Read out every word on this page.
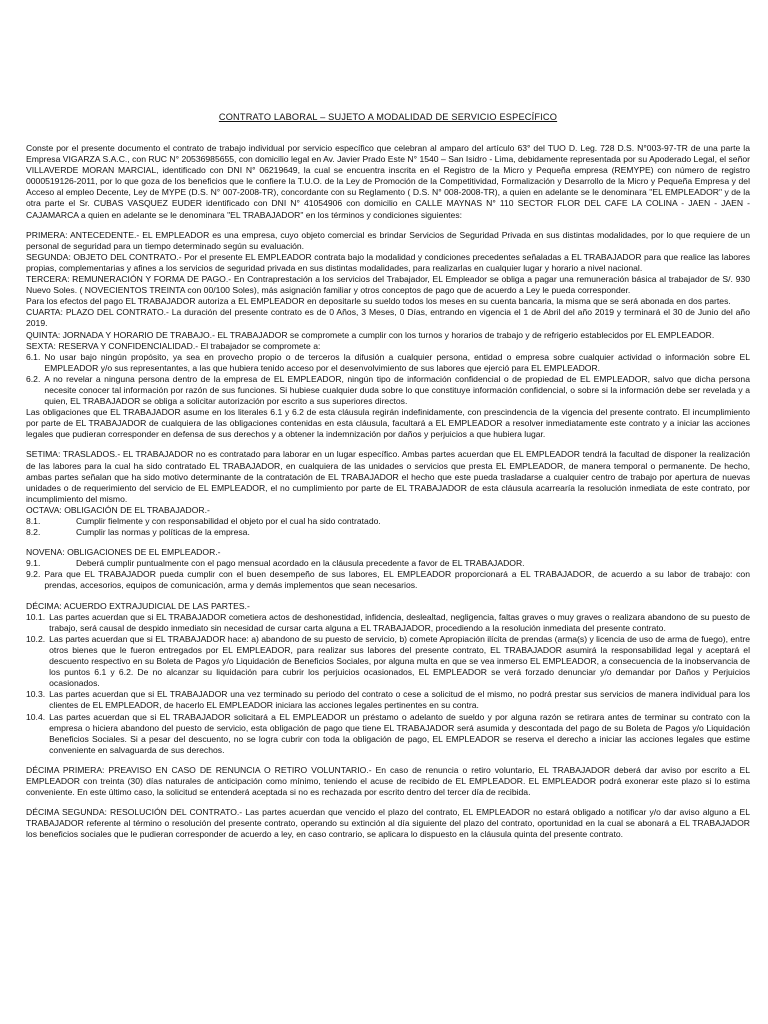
CONTRATO LABORAL – SUJETO A MODALIDAD DE SERVICIO ESPECÍFICO

Conste por el presente documento el contrato de trabajo individual por servicio específico que celebran al amparo del artículo 63° del TUO D. Leg. 728 D.S. N°003-97-TR de una parte la Empresa VIGARZA S.A.C., con RUC N° 20536985655, con domicilio legal en Av. Javier Prado Este N° 1540 – San Isidro - Lima, debidamente representada por su Apoderado Legal, el señor VILLAVERDE MORAN MARCIAL, identificado con DNI N° 06219649, la cual se encuentra inscrita en el Registro de la Micro y Pequeña empresa (REMYPE) con número de registro 0000519126-2011, por lo que goza de los beneficios que le confiere la T.U.O. de la Ley de Promoción de la Competitividad, Formalización y Desarrollo de la Micro y Pequeña Empresa y del Acceso al empleo Decente, Ley de MYPE (D.S. N° 007-2008-TR), concordante con su Reglamento ( D.S. N° 008-2008-TR), a quien en adelante se le denominara "EL EMPLEADOR" y de la otra parte el Sr. CUBAS VASQUEZ EUDER identificado con DNI N° 41054906 con domicilio en CALLE MAYNAS N° 110 SECTOR FLOR DEL CAFE LA COLINA - JAEN - JAEN - CAJAMARCA a quien en adelante se le denominara "EL TRABAJADOR" en los términos y condiciones siguientes:

PRIMERA: ANTECEDENTE.- EL EMPLEADOR es una empresa, cuyo objeto comercial es brindar Servicios de Seguridad Privada en sus distintas modalidades, por lo que requiere de un personal de seguridad para un tiempo determinado según su evaluación.

SEGUNDA: OBJETO DEL CONTRATO.- Por el presente EL EMPLEADOR contrata bajo la modalidad y condiciones precedentes señaladas a EL TRABAJADOR para que realice las labores propias, complementarias y afines a los servicios de seguridad privada en sus distintas modalidades, para realizarlas en cualquier lugar y horario a nivel nacional.

TERCERA: REMUNERACIÓN Y FORMA DE PAGO.- En Contraprestación a los servicios del Trabajador, EL Empleador se obliga a pagar una remuneración básica al trabajador de S/. 930 Nuevo Soles. ( NOVECIENTOS TREINTA con 00/100 Soles), más asignación familiar y otros conceptos de pago que de acuerdo a Ley le pueda corresponder.

Para los efectos del pago EL TRABAJADOR autoriza a EL EMPLEADOR en depositarle su sueldo todos los meses en su cuenta bancaria, la misma que se será abonada en dos partes.

CUARTA: PLAZO DEL CONTRATO.- La duración del presente contrato es de 0 Años, 3 Meses, 0 Días, entrando en vigencia el 1 de Abril del año 2019 y terminará el 30 de Junio del año 2019.

QUINTA: JORNADA Y HORARIO DE TRABAJO.- EL TRABAJADOR se compromete a cumplir con los turnos y horarios de trabajo y de refrigerio establecidos por EL EMPLEADOR.

SEXTA: RESERVA Y CONFIDENCIALIDAD.- El trabajador se compromete a:

6.1. No usar bajo ningún propósito, ya sea en provecho propio o de terceros la difusión a cualquier persona, entidad o empresa sobre cualquier actividad o información sobre EL EMPLEADOR y/o sus representantes, a las que hubiera tenido acceso por el desenvolvimiento de sus labores que ejerció para EL EMPLEADOR.
6.2. A no revelar a ninguna persona dentro de la empresa de EL EMPLEADOR, ningún tipo de información confidencial o de propiedad de EL EMPLEADOR, salvo que dicha persona necesite conocer tal información por razón de sus funciones. Si hubiese cualquier duda sobre lo que constituye información confidencial, o sobre si la información debe ser revelada y a quien, EL TRABAJADOR se obliga a solicitar autorización por escrito a sus superiores directos.

Las obligaciones que EL TRABAJADOR asume en los literales 6.1 y 6.2 de esta cláusula regirán indefinidamente, con prescindencia de la vigencia del presente contrato. El incumplimiento por parte de EL TRABAJADOR de cualquiera de las obligaciones contenidas en esta cláusula, facultará a EL EMPLEADOR a resolver inmediatamente este contrato y a iniciar las acciones legales que pudieran corresponder en defensa de sus derechos y a obtener la indemnización por daños y perjuicios a que hubiera lugar.

SETIMA: TRASLADOS.- EL TRABAJADOR no es contratado para laborar en un lugar específico. Ambas partes acuerdan que EL EMPLEADOR tendrá la facultad de disponer la realización de las labores para la cual ha sido contratado EL TRABAJADOR, en cualquiera de las unidades o servicios que presta EL EMPLEADOR, de manera temporal o permanente. De hecho, ambas partes señalan que ha sido motivo determinante de la contratación de EL TRABAJADOR el hecho que este pueda trasladarse a cualquier centro de trabajo por apertura de nuevas unidades o de requerimiento del servicio de EL EMPLEADOR, el no cumplimiento por parte de EL TRABAJADOR de esta cláusula acarrearía la resolución inmediata de este contrato, por incumplimiento del mismo.

OCTAVA: OBLIGACIÓN DE EL TRABAJADOR.-

8.1.	Cumplir fielmente y con responsabilidad el objeto por el cual ha sido contratado.
8.2.	Cumplir las normas y políticas de la empresa.

NOVENA: OBLIGACIONES DE EL EMPLEADOR.-

9.1.	Deberá cumplir puntualmente con el pago mensual acordado en la cláusula precedente a favor de EL TRABAJADOR.
9.2. Para que EL TRABAJADOR pueda cumplir con el buen desempeño de sus labores, EL EMPLEADOR proporcionará a EL TRABAJADOR, de acuerdo a su labor de trabajo: con prendas, accesorios, equipos de comunicación, arma y demás implementos que sean necesarios.

DÉCIMA: ACUERDO EXTRAJUDICIAL DE LAS PARTES.-

10.1. Las partes acuerdan que si EL TRABAJADOR cometiera actos de deshonestidad, infidencia, deslealtad, negligencia, faltas graves o muy graves o realizara abandono de su puesto de trabajo, será causal de despido inmediato sin necesidad de cursar carta alguna a EL TRABAJADOR, procediendo a la resolución inmediata del presente contrato.
10.2. Las partes acuerdan que si EL TRABAJADOR hace: a) abandono de su puesto de servicio, b) comete Apropiación ilícita de prendas (arma(s) y licencia de uso de arma de fuego), entre otros bienes que le fueron entregados por EL EMPLEADOR, para realizar sus labores del presente contrato, EL TRABAJADOR asumirá la responsabilidad legal y aceptará el descuento respectivo en su Boleta de Pagos y/o Liquidación de Beneficios Sociales, por alguna multa en que se vea inmerso EL EMPLEADOR, a consecuencia de la inobservancia de los puntos 6.1 y 6.2. De no alcanzar su liquidación para cubrir los perjuicios ocasionados, EL EMPLEADOR se verá forzado denunciar y/o demandar por Daños y Perjuicios ocasionados.
10.3. Las partes acuerdan que si EL TRABAJADOR una vez terminado su periodo del contrato o cese a solicitud de el mismo, no podrá prestar sus servicios de manera individual para los clientes de EL EMPLEADOR, de hacerlo EL EMPLEADOR iniciara las acciones legales pertinentes en su contra.
10.4. Las partes acuerdan que si EL TRABAJADOR solicitará a EL EMPLEADOR un préstamo o adelanto de sueldo y por alguna razón se retirara antes de terminar su contrato con la empresa o hiciera abandono del puesto de servicio, esta obligación de pago que tiene EL TRABAJADOR será asumida y descontada del pago de su Boleta de Pagos y/o Liquidación Beneficios Sociales. Si a pesar del descuento, no se logra cubrir con toda la obligación de pago, EL EMPLEADOR se reserva el derecho a iniciar las acciones legales que estime conveniente en salvaguarda de sus derechos.

DÉCIMA PRIMERA: PREAVISO EN CASO DE RENUNCIA O RETIRO VOLUNTARIO.- En caso de renuncia o retiro voluntario, EL TRABAJADOR deberá dar aviso por escrito a EL EMPLEADOR con treinta (30) días naturales de anticipación como mínimo, teniendo el acuse de recibido de EL EMPLEADOR. EL EMPLEADOR podrá exonerar este plazo si lo estima conveniente. En este último caso, la solicitud se entenderá aceptada si no es rechazada por escrito dentro del tercer día de recibida.

DÉCIMA SEGUNDA: RESOLUCIÓN DEL CONTRATO.- Las partes acuerdan que vencido el plazo del contrato, EL EMPLEADOR no estará obligado a notificar y/o dar aviso alguno a EL TRABAJADOR referente al término o resolución del presente contrato, operando su extinción al día siguiente del plazo del contrato, oportunidad en la cual se abonará a EL TRABAJADOR los beneficios sociales que le pudieran corresponder de acuerdo a ley, en caso contrario, se aplicara lo dispuesto en la cláusula quinta del presente contrato.
